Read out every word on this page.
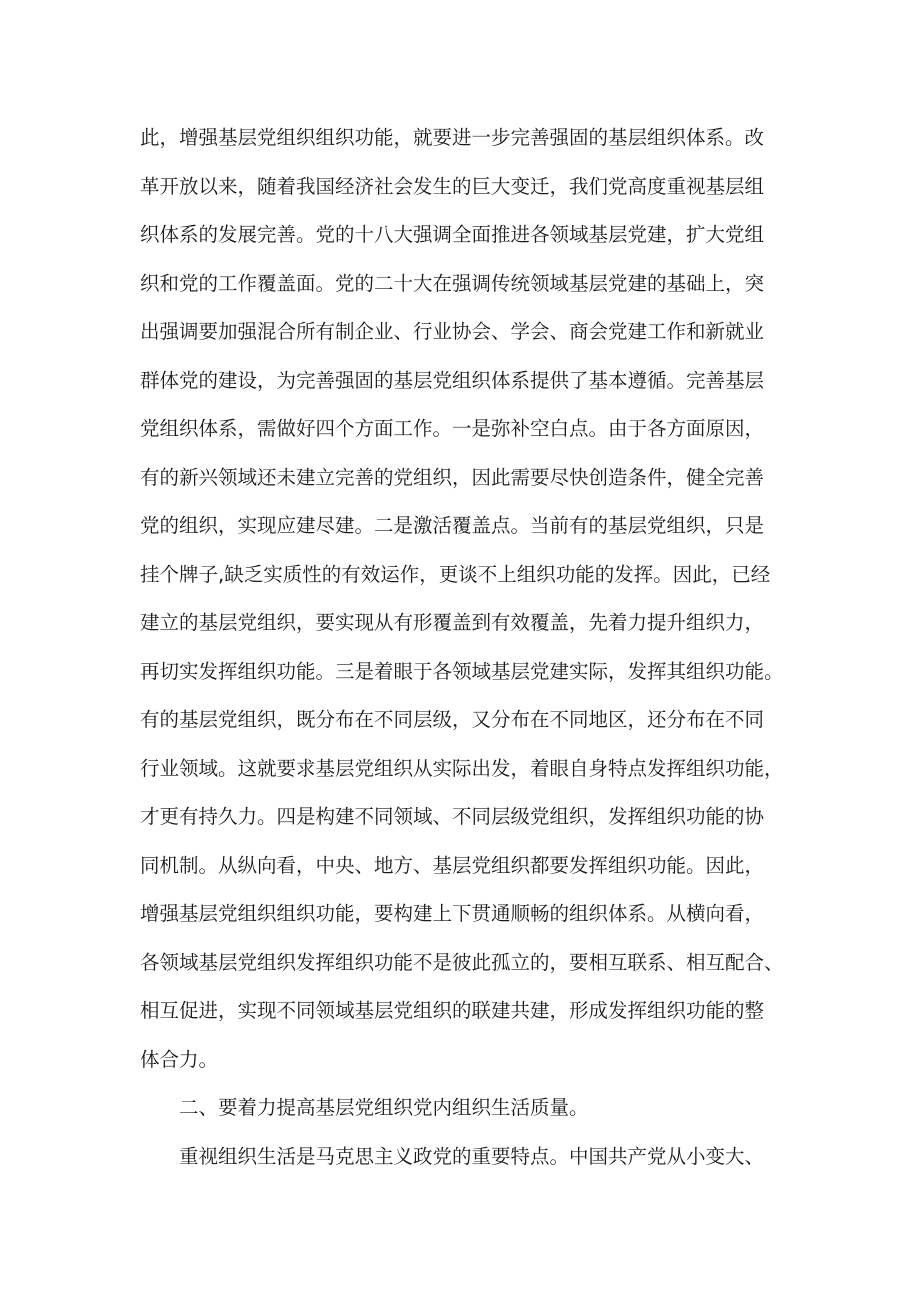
此，增强基层党组织组织功能，就要进一步完善强固的基层组织体系。改
革开放以来，随着我国经济社会发生的巨大变迁，我们党高度重视基层组
织体系的发展完善。党的十八大强调全面推进各领域基层党建，扩大党组
织和党的工作覆盖面。党的二十大在强调传统领域基层党建的基础上，突
出强调要加强混合所有制企业、行业协会、学会、商会党建工作和新就业
群体党的建设，为完善强固的基层党组织体系提供了基本遵循。完善基层
党组织体系，需做好四个方面工作。一是弥补空白点。由于各方面原因，
有的新兴领域还未建立完善的党组织，因此需要尽快创造条件，健全完善
党的组织，实现应建尽建。二是激活覆盖点。当前有的基层党组织，只是
挂个牌子,缺乏实质性的有效运作，更谈不上组织功能的发挥。因此，已经
建立的基层党组织，要实现从有形覆盖到有效覆盖，先着力提升组织力，
再切实发挥组织功能。三是着眼于各领域基层党建实际，发挥其组织功能。
有的基层党组织，既分布在不同层级，又分布在不同地区，还分布在不同
行业领域。这就要求基层党组织从实际出发，着眼自身特点发挥组织功能，
才更有持久力。四是构建不同领域、不同层级党组织，发挥组织功能的协
同机制。从纵向看，中央、地方、基层党组织都要发挥组织功能。因此，
增强基层党组织组织功能，要构建上下贯通顺畅的组织体系。从横向看，
各领域基层党组织发挥组织功能不是彼此孤立的，要相互联系、相互配合、
相互促进，实现不同领域基层党组织的联建共建，形成发挥组织功能的整
体合力。
二、要着力提高基层党组织党内组织生活质量。
重视组织生活是马克思主义政党的重要特点。中国共产党从小变大、
